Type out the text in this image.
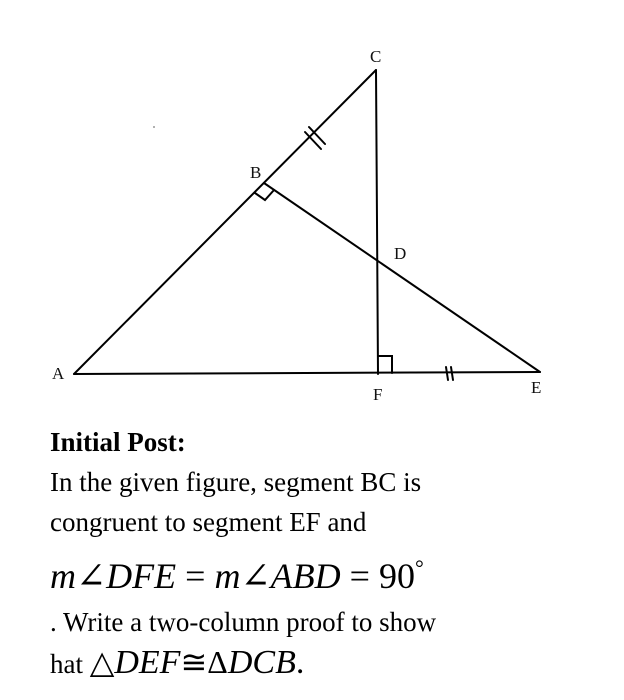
C
B
D
A
F	E
Initial Post:
In the given figure, segment BC is
congruent to segment EF and
m∠DFE = m∠ABD = 90°
. Write a two-column proof to show
hat △DEF≅ΔDCB.
